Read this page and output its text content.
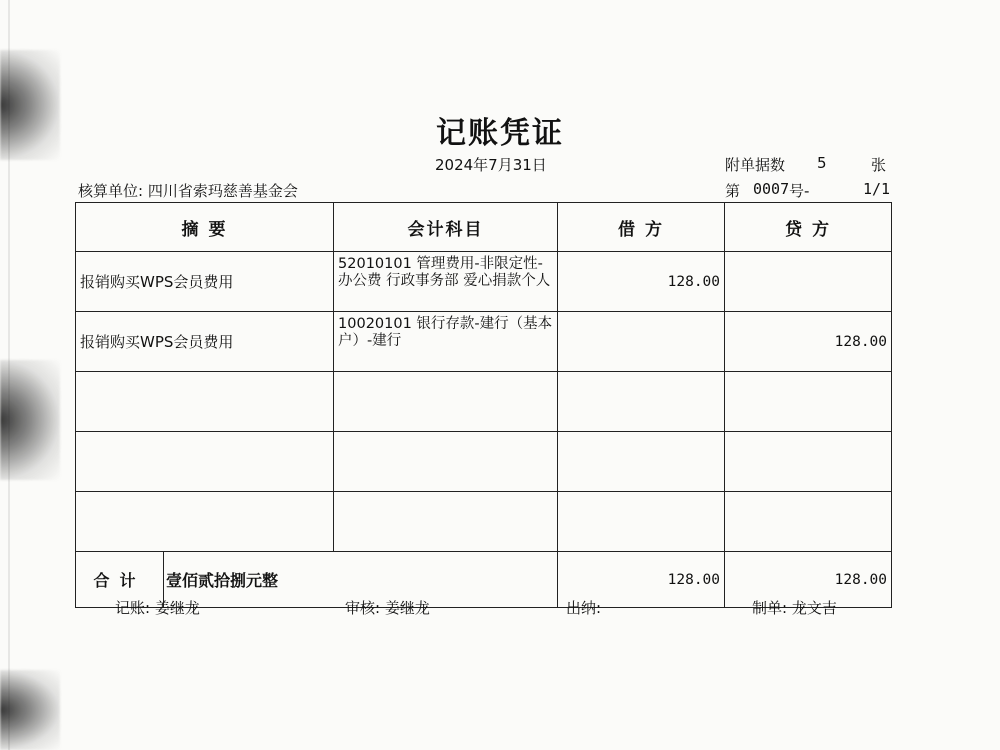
记账凭证
2024年7月31日	附单据数 5	张
核算单位: 四川省索玛慈善基金会	第 0007 号-	1/1
摘 要		会计科目	借 方	贷 方
报销购买WPS会员费用		52010101 管理费用-非限定性-办公费 行政事务部 爱心捐款个人	128.00	
报销购买WPS会员费用		10020101 银行存款-建行（基本户）-建行		128.00

合计	壹佰贰拾捌元整		128.00	128.00
记账: 姜继龙	审核: 姜继龙	出纳:	制单: 龙文吉
